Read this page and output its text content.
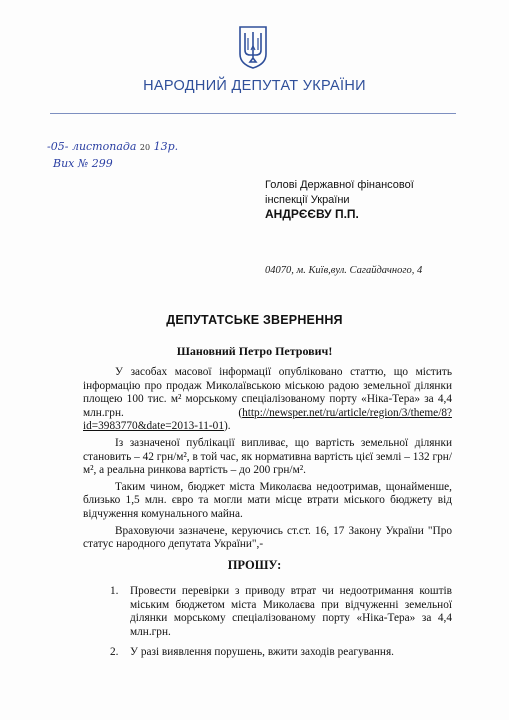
НАРОДНИЙ ДЕПУТАТ УКРАЇНИ
-05- листопада 20 13р.
Вих № 299
Голові Державної фінансової
інспекції України
АНДРЄЄВУ П.П.
04070, м. Київ,вул. Сагайдачного, 4
ДЕПУТАТСЬКЕ ЗВЕРНЕННЯ
Шановний Петро Петрович!

У засобах масової інформації опубліковано статтю, що містить інформацію про продаж Миколаївською міською радою земельної ділянки площею 100 тис. м² морському спеціалізованому порту «Ніка-Тера» за 4,4 млн.грн. (http://newsper.net/ru/article/region/3/theme/8?id=3983770&date=2013-11-01).

Із зазначеної публікації випливає, що вартість земельної ділянки становить – 42 грн/м², в той час, як нормативна вартість цієї землі – 132 грн/м², а реальна ринкова вартість – до 200 грн/м².

Таким чином, бюджет міста Миколаєва недоотримав, щонайменше, близько 1,5 млн. євро та могли мати місце втрати міського бюджету від відчуження комунального майна.

Враховуючи зазначене, керуючись ст.ст. 16, 17 Закону України "Про статус народного депутата України",-

ПРОШУ:
1. Провести перевірки з приводу втрат чи недоотримання коштів міським бюджетом міста Миколаєва при відчуженні земельної ділянки морському спеціалізованому порту «Ніка-Тера» за 4,4 млн.грн.
2. У разі виявлення порушень, вжити заходів реагування.
